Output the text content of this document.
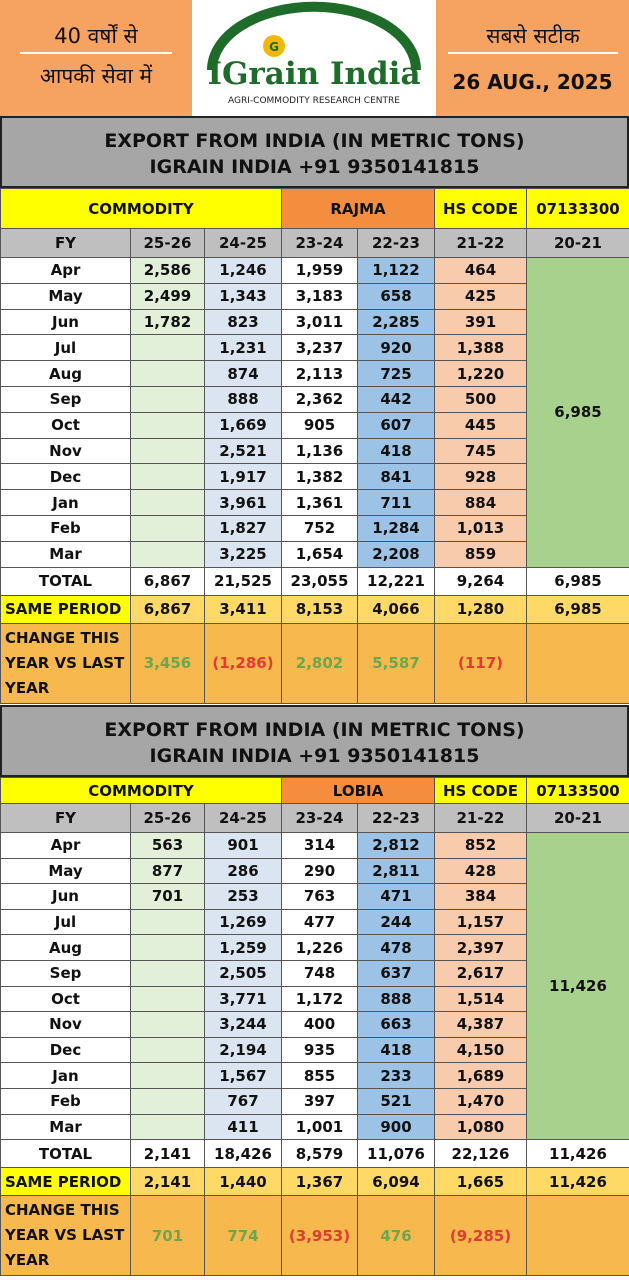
40 वर्षों से
आपकी सेवा में
G
IGrain India
AGRI-COMMODITY RESEARCH CENTRE
सबसे सटीक
26 AUG., 2025
EXPORT FROM INDIA (IN METRIC TONS)
IGRAIN INDIA +91 9350141815
COMMODITY			RAJMA		HS CODE	07133300
FY	25-26	24-25	23-24	22-23	21-22	20-21
Apr	2,586	1,246	1,959	1,122	464	6,985
May	2,499	1,343	3,183	658	425	
Jun	1,782	823	3,011	2,285	391	
Jul		1,231	3,237	920	1,388	
Aug		874	2,113	725	1,220	
Sep		888	2,362	442	500	
Oct		1,669	905	607	445	
Nov		2,521	1,136	418	745	
Dec		1,917	1,382	841	928	
Jan		3,961	1,361	711	884	
Feb		1,827	752	1,284	1,013	
Mar		3,225	1,654	2,208	859	
TOTAL	6,867	21,525	23,055	12,221	9,264	6,985
SAME PERIOD	6,867	3,411	8,153	4,066	1,280	6,985
CHANGE THIS YEAR VS LAST YEAR	3,456	(1,286)	2,802	5,587	(117)	
EXPORT FROM INDIA (IN METRIC TONS)
IGRAIN INDIA +91 9350141815
COMMODITY			LOBIA		HS CODE	07133500
FY	25-26	24-25	23-24	22-23	21-22	20-21
Apr	563	901	314	2,812	852	11,426
May	877	286	290	2,811	428	
Jun	701	253	763	471	384	
Jul		1,269	477	244	1,157	
Aug		1,259	1,226	478	2,397	
Sep		2,505	748	637	2,617	
Oct		3,771	1,172	888	1,514	
Nov		3,244	400	663	4,387	
Dec		2,194	935	418	4,150	
Jan		1,567	855	233	1,689	
Feb		767	397	521	1,470	
Mar		411	1,001	900	1,080	
TOTAL	2,141	18,426	8,579	11,076	22,126	11,426
SAME PERIOD	2,141	1,440	1,367	6,094	1,665	11,426
CHANGE THIS YEAR VS LAST YEAR	701	774	(3,953)	476	(9,285)	
